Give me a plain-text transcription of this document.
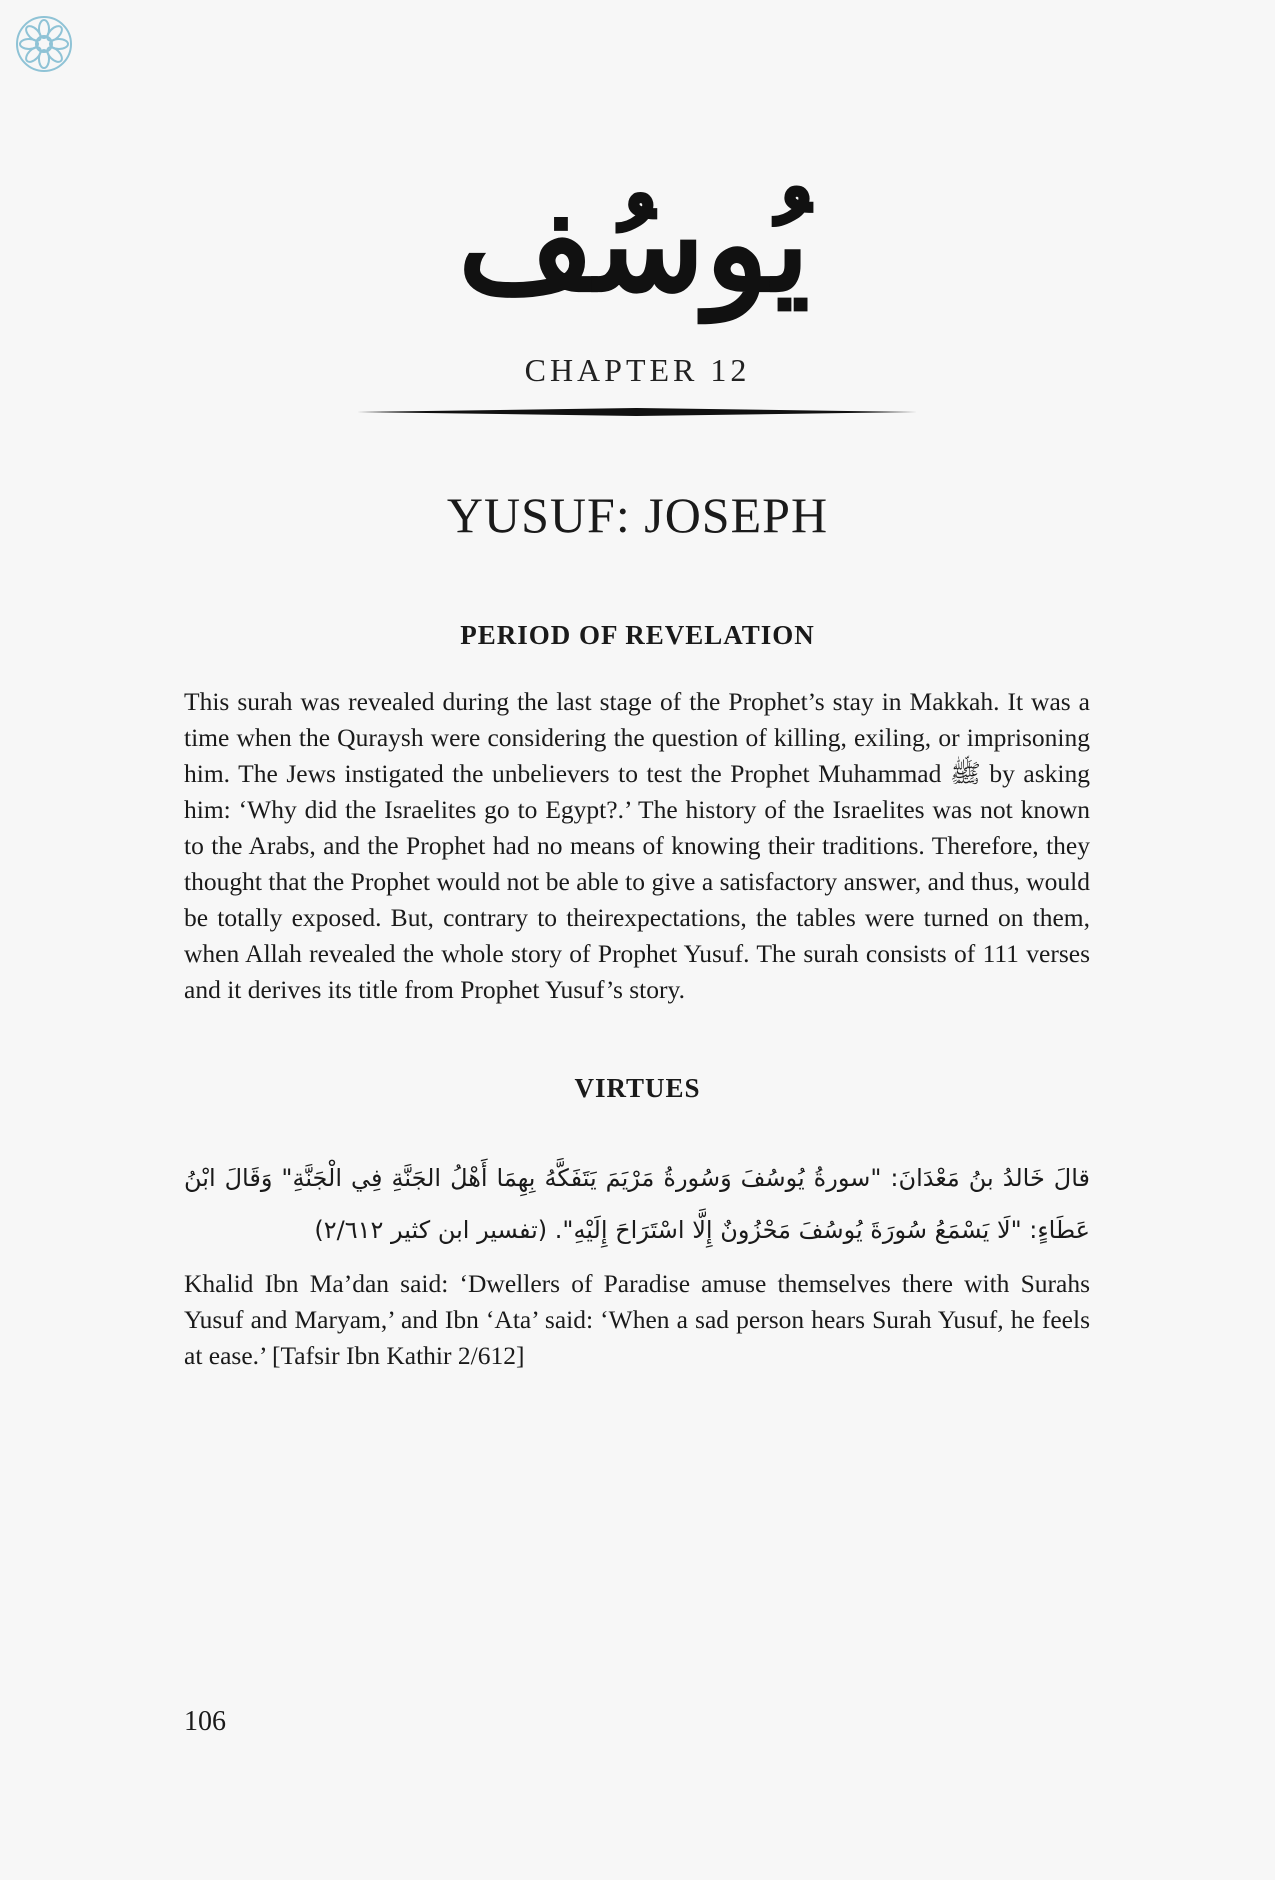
يُوسُف
CHAPTER 12
YUSUF: JOSEPH
PERIOD OF REVELATION
This surah was revealed during the last stage of the Prophet’s stay in Makkah. It was a time when the Quraysh were considering the question of killing, exiling, or imprisoning him. The Jews instigated the unbelievers to test the Prophet Muhammad ﷺ by asking him: ‘Why did the Israelites go to Egypt?.’ The history of the Israelites was not known to the Arabs, and the Prophet had no means of knowing their traditions. Therefore, they thought that the Prophet would not be able to give a satisfactory answer, and thus, would be totally exposed. But, contrary to theirexpectations, the tables were turned on them, when Allah revealed the whole story of Prophet Yusuf. The surah consists of 111 verses and it derives its title from Prophet Yusuf’s story.
VIRTUES
قالَ خَالدُ بنُ مَعْدَانَ: "سورةُ يُوسُفَ وَسُورةُ مَرْيَمَ يَتَفَكَّهُ بِهِمَا أَهْلُ الجَنَّةِ فِي الْجَنَّةِ" وَقَالَ ابْنُ عَطَاءٍ: "لَا يَسْمَعُ سُورَةَ يُوسُفَ مَحْزُونٌ إِلَّا اسْتَرَاحَ إِلَيْهِ". (تفسير ابن كثير ٢/٦١٢)
Khalid Ibn Ma’dan said: ‘Dwellers of Paradise amuse themselves there with Surahs Yusuf and Maryam,’ and Ibn ‘Ata’ said: ‘When a sad person hears Surah Yusuf, he feels at ease.’ [Tafsir Ibn Kathir 2/612]
106
